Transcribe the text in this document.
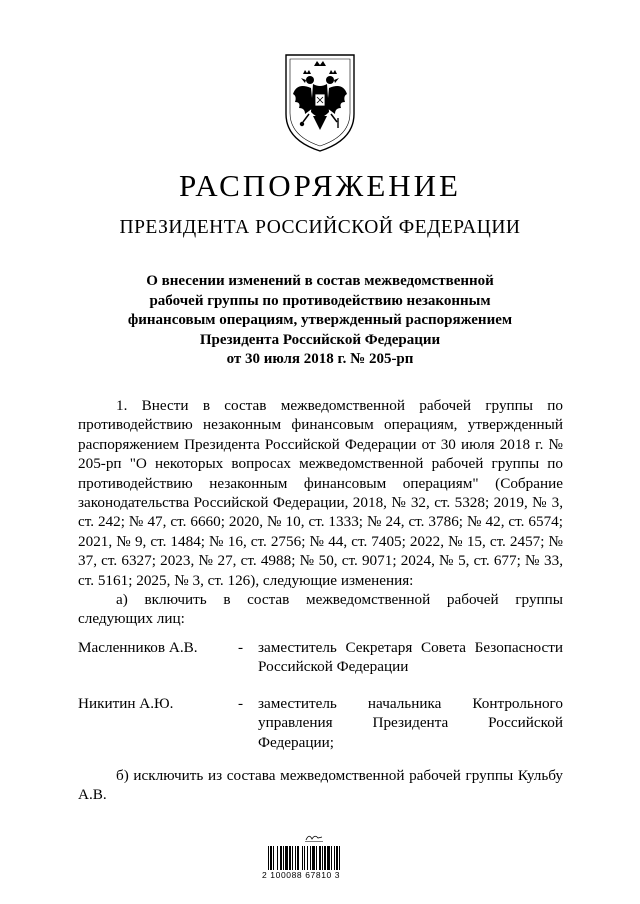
РАСПОРЯЖЕНИЕ
ПРЕЗИДЕНТА РОССИЙСКОЙ ФЕДЕРАЦИИ
О внесении изменений в состав межведомственной
рабочей группы по противодействию незаконным
финансовым операциям, утвержденный распоряжением
Президента Российской Федерации
от 30 июля 2018 г. № 205-рп
1. Внести в состав межведомственной рабочей группы по противодействию незаконным финансовым операциям, утвержденный распоряжением Президента Российской Федерации от 30 июля 2018 г. № 205-рп "О некоторых вопросах межведомственной рабочей группы по противодействию незаконным финансовым операциям" (Собрание законодательства Российской Федерации, 2018, № 32, ст. 5328; 2019, № 3, ст. 242; № 47, ст. 6660; 2020, № 10, ст. 1333; № 24, ст. 3786; № 42, ст. 6574; 2021, № 9, ст. 1484; № 16, ст. 2756; № 44, ст. 7405; 2022, № 15, ст. 2457; № 37, ст. 6327; 2023, № 27, ст. 4988; № 50, ст. 9071; 2024, № 5, ст. 677; № 33, ст. 5161; 2025, № 3, ст. 126), следующие изменения:
а) включить в состав межведомственной рабочей группы следующих лиц:
Масленников А.В.	- заместитель Секретаря Совета Безопасности Российской Федерации
Никитин А.Ю.	- заместитель начальника Контрольного управления Президента Российской Федерации;
б) исключить из состава межведомственной рабочей группы Кульбу А.В.
2 100088 67810 3
